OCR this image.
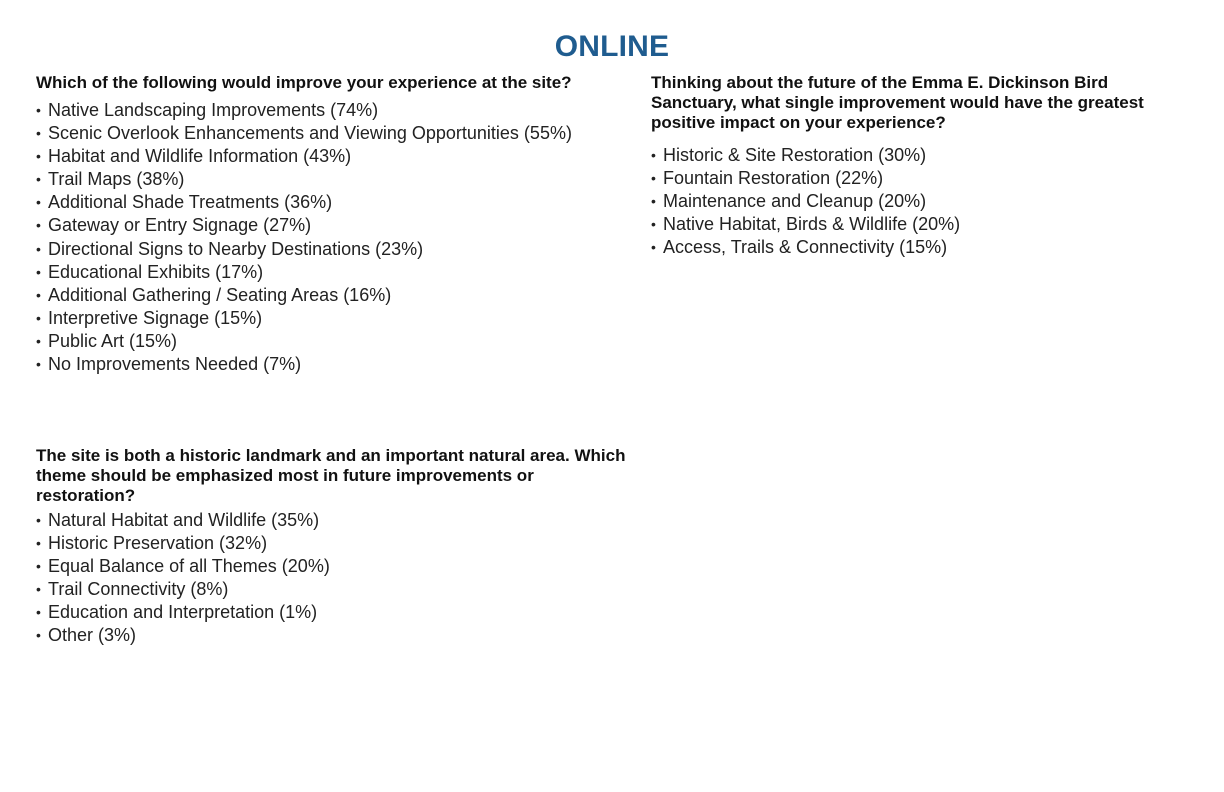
ONLINE

Which of the following would improve your experience at the site?

• Native Landscaping Improvements (74%)
• Scenic Overlook Enhancements and Viewing Opportunities (55%)
• Habitat and Wildlife Information (43%)
• Trail Maps (38%)
• Additional Shade Treatments (36%)
• Gateway or Entry Signage (27%)
• Directional Signs to Nearby Destinations (23%)
• Educational Exhibits (17%)
• Additional Gathering / Seating Areas (16%)
• Interpretive Signage (15%)
• Public Art (15%)
• No Improvements Needed (7%)

Thinking about the future of the Emma E. Dickinson Bird Sanctuary, what single improvement would have the greatest positive impact on your experience?

• Historic & Site Restoration (30%)
• Fountain Restoration (22%)
• Maintenance and Cleanup (20%)
• Native Habitat, Birds & Wildlife (20%)
• Access, Trails & Connectivity (15%)

The site is both a historic landmark and an important natural area. Which theme should be emphasized most in future improvements or restoration?

• Natural Habitat and Wildlife (35%)
• Historic Preservation (32%)
• Equal Balance of all Themes (20%)
• Trail Connectivity (8%)
• Education and Interpretation (1%)
• Other (3%)
